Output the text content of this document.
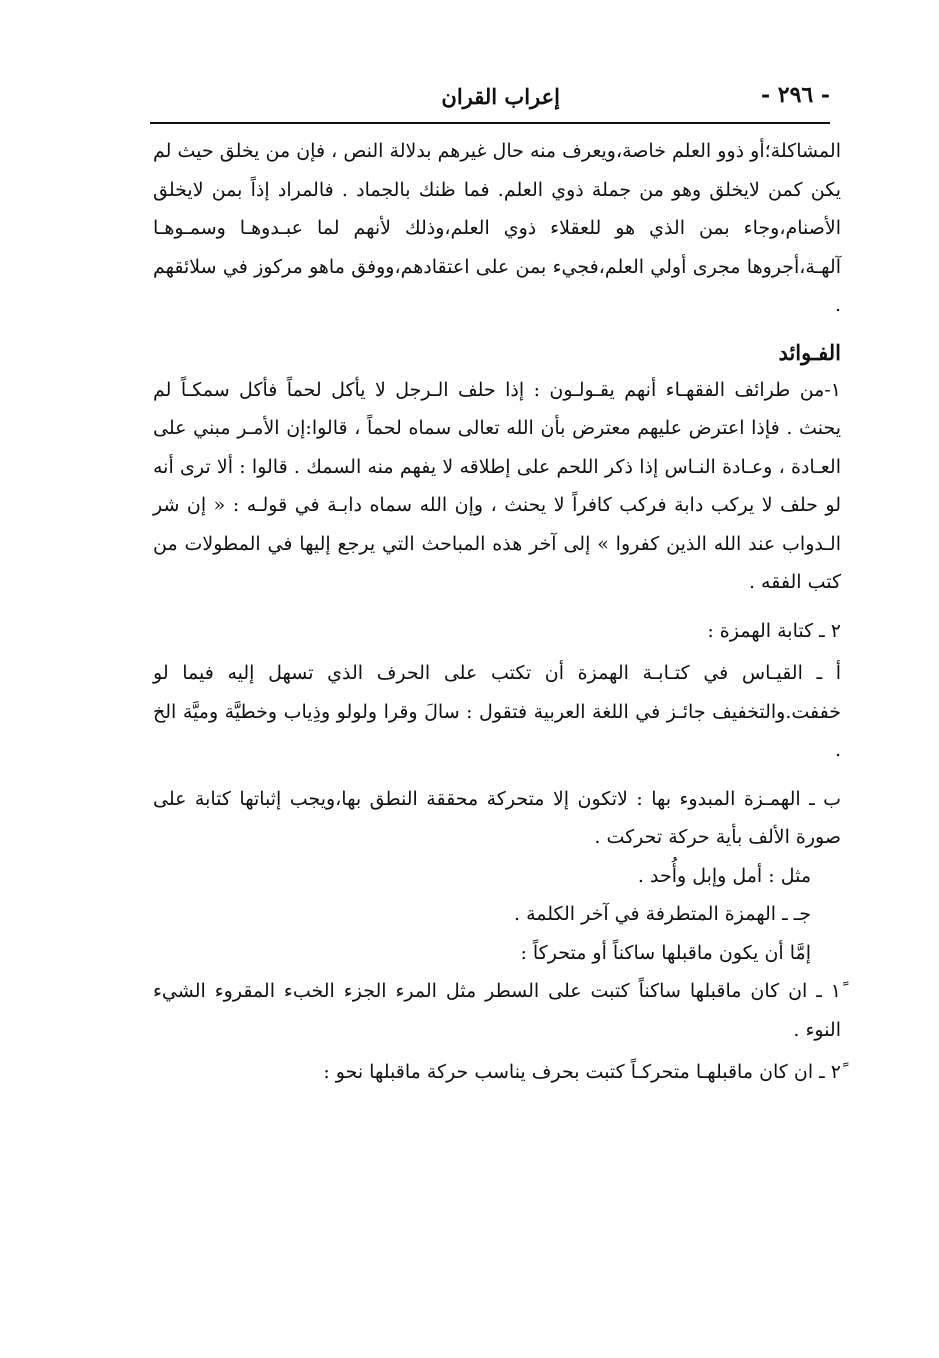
- ٢٩٦ -
إعراب القران

المشاكلة؛أو ذوو العلم خاصة،ويعرف منه حال غيرهم بدلالة النص ، فإن من يخلق حيث لم يكن كمن لايخلق وهو من جملة ذوي العلم. فما ظنك بالجماد . فالمراد إذاً بمن لايخلق الأصنام،وجاء بمن الذي هو للعقلاء ذوي العلم،وذلك لأنهم لما عبـدوهـا وسمـوهـا آلهـة،أجروها مجرى أولي العلم،فجيء بمن على اعتقادهم،ووفق ماهو مركوز في سلائقهم .

الفـوائد

١-من طرائف الفقهـاء أنهم يقـولـون : إذا حلف الـرجل لا يأكل لحماً فأكل سمكـاً لم يحنث . فإذا اعترض عليهم معترض بأن الله تعالى سماه لحماً ، قالوا:إن الأمـر مبني على العـادة ، وعـادة النـاس إذا ذكر اللحم على إطلاقه لا يفهم منه السمك . قالوا : ألا ترى أنه لو حلف لا يركب دابة فركب كافراً لا يحنث ، وإن الله سماه دابـة في قولـه : « إن شر الـدواب عند الله الذين كفروا » إلى آخر هذه المباحث التي يرجع إليها في المطولات من كتب الفقه .

٢ ـ كتابة الهمزة :

أ ـ القيـاس في كتـابـة الهمزة أن تكتب على الحرف الذي تسهل إليه فيما لو خففت.والتخفيف جائـز في اللغة العربية فتقول : سالَ وقرا ولولو وذِياب وخطيَّة وميَّة الخ .

ب ـ الهمـزة المبدوء بها : لاتكون إلا متحركة محققة النطق بها،ويجب إثباتها كتابة على صورة الألف بأية حركة تحركت .

مثل : أمل وإبل وأُحد .

جـ ـ الهمزة المتطرفة في آخر الكلمة .

إمَّا أن يكون ماقبلها ساكناً أو متحركاً :

١ً ـ ان كان ماقبلها ساكناً كتبت على السطر مثل المرء الجزء الخبء المقروء الشيء النوء .

٢ً ـ ان كان ماقبلهـا متحركـاً كتبت بحرف يناسب حركة ماقبلها نحو :
